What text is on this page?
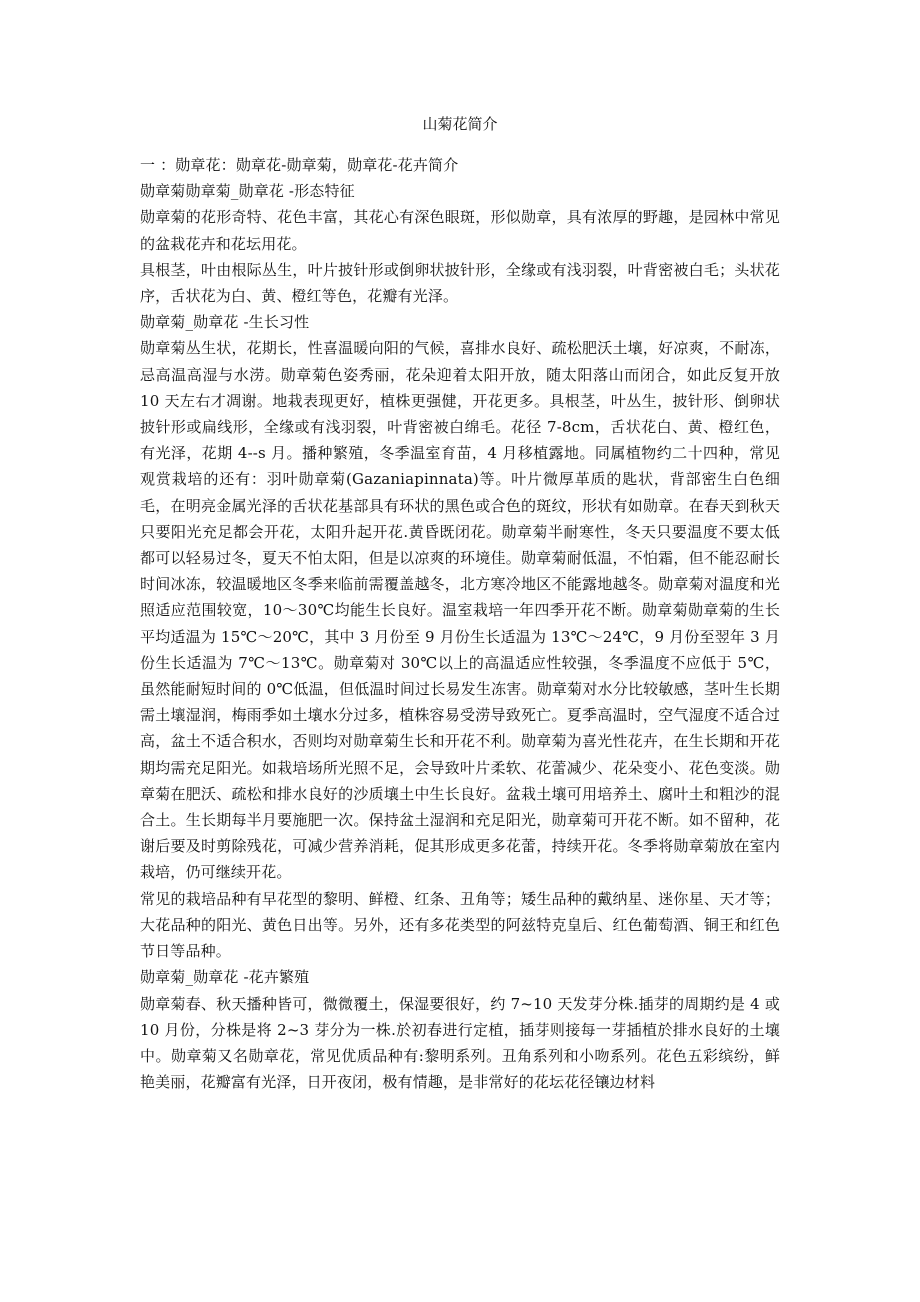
山菊花简介

一 ：勋章花：勋章花-勋章菊，勋章花-花卉简介

勋章菊勋章菊_勋章花 -形态特征

勋章菊的花形奇特、花色丰富，其花心有深色眼斑，形似勋章，具有浓厚的野趣，是园林中常见的盆栽花卉和花坛用花。

具根茎，叶由根际丛生，叶片披针形或倒卵状披针形，全缘或有浅羽裂，叶背密被白毛；头状花序，舌状花为白、黄、橙红等色，花瓣有光泽。

勋章菊_勋章花 -生长习性

勋章菊丛生状，花期长，性喜温暖向阳的气候，喜排水良好、疏松肥沃土壤，好凉爽，不耐冻，忌高温高湿与水涝。勋章菊色姿秀丽，花朵迎着太阳开放，随太阳落山而闭合，如此反复开放 10 天左右才凋谢。地栽表现更好，植株更强健，开花更多。具根茎，叶丛生，披针形、倒卵状披针形或扁线形，全缘或有浅羽裂，叶背密被白绵毛。花径 7-8cm，舌状花白、黄、橙红色，有光泽，花期 4--s 月。播种繁殖，冬季温室育苗，4 月移植露地。同属植物约二十四种，常见观赏栽培的还有：羽叶勋章菊(Gazaniapinnata)等。叶片微厚革质的匙状，背部密生白色细毛，在明亮金属光泽的舌状花基部具有环状的黑色或合色的斑纹，形状有如勋章。在春天到秋天只要阳光充足都会开花，太阳升起开花.黄昏既闭花。勋章菊半耐寒性，冬天只要温度不要太低都可以轻易过冬，夏天不怕太阳，但是以凉爽的环境佳。勋章菊耐低温，不怕霜，但不能忍耐长时间冰冻，较温暖地区冬季来临前需覆盖越冬，北方寒冷地区不能露地越冬。勋章菊对温度和光照适应范围较宽，10～30℃均能生长良好。温室栽培一年四季开花不断。勋章菊勋章菊的生长平均适温为 15℃～20℃，其中 3 月份至 9 月份生长适温为 13℃～24℃，9 月份至翌年 3 月份生长适温为 7℃～13℃。勋章菊对 30℃以上的高温适应性较强，冬季温度不应低于 5℃，虽然能耐短时间的 0℃低温，但低温时间过长易发生冻害。勋章菊对水分比较敏感，茎叶生长期需土壤湿润，梅雨季如土壤水分过多，植株容易受涝导致死亡。夏季高温时，空气湿度不适合过高，盆土不适合积水，否则均对勋章菊生长和开花不利。勋章菊为喜光性花卉，在生长期和开花期均需充足阳光。如栽培场所光照不足，会导致叶片柔软、花蕾减少、花朵变小、花色变淡。勋章菊在肥沃、疏松和排水良好的沙质壤土中生长良好。盆栽土壤可用培养土、腐叶土和粗沙的混合土。生长期每半月要施肥一次。保持盆土湿润和充足阳光，勋章菊可开花不断。如不留种，花谢后要及时剪除残花，可减少营养消耗，促其形成更多花蕾，持续开花。冬季将勋章菊放在室内栽培，仍可继续开花。

常见的栽培品种有早花型的黎明、鲜橙、红条、丑角等；矮生品种的戴纳星、迷你星、天才等；大花品种的阳光、黄色日出等。另外，还有多花类型的阿兹特克皇后、红色葡萄酒、铜王和红色节日等品种。

勋章菊_勋章花 -花卉繁殖

勋章菊春、秋天播种皆可，微微覆土，保湿要很好，约 7~10 天发芽分株.插芽的周期约是 4 或 10 月份，分株是将 2~3 芽分为一株.於初春进行定植，插芽则接每一芽插植於排水良好的土壤中。勋章菊又名勋章花，常见优质品种有:黎明系列。丑角系列和小吻系列。花色五彩缤纷，鲜艳美丽，花瓣富有光泽，日开夜闭，极有情趣，是非常好的花坛花径镶边材料
